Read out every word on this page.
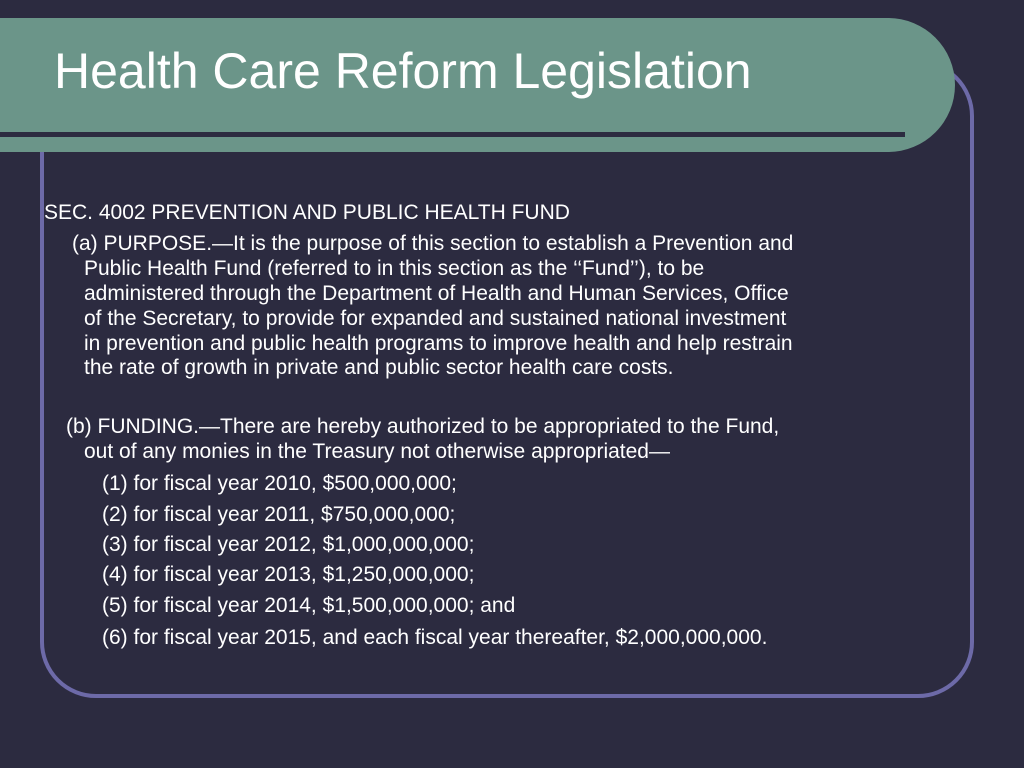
Health Care Reform Legislation
SEC. 4002 PREVENTION AND PUBLIC HEALTH FUND
(a) PURPOSE.—It is the purpose of this section to establish a Prevention and
Public Health Fund (referred to in this section as the ‘‘Fund’’), to be
administered through the Department of Health and Human Services, Office
of the Secretary, to provide for expanded and sustained national investment
in prevention and public health programs to improve health and help restrain
the rate of growth in private and public sector health care costs.
(b) FUNDING.—There are hereby authorized to be appropriated to the Fund,
out of any monies in the Treasury not otherwise appropriated—
(1) for fiscal year 2010, $500,000,000;
(2) for fiscal year 2011, $750,000,000;
(3) for fiscal year 2012, $1,000,000,000;
(4) for fiscal year 2013, $1,250,000,000;
(5) for fiscal year 2014, $1,500,000,000; and
(6) for fiscal year 2015, and each fiscal year thereafter, $2,000,000,000.
